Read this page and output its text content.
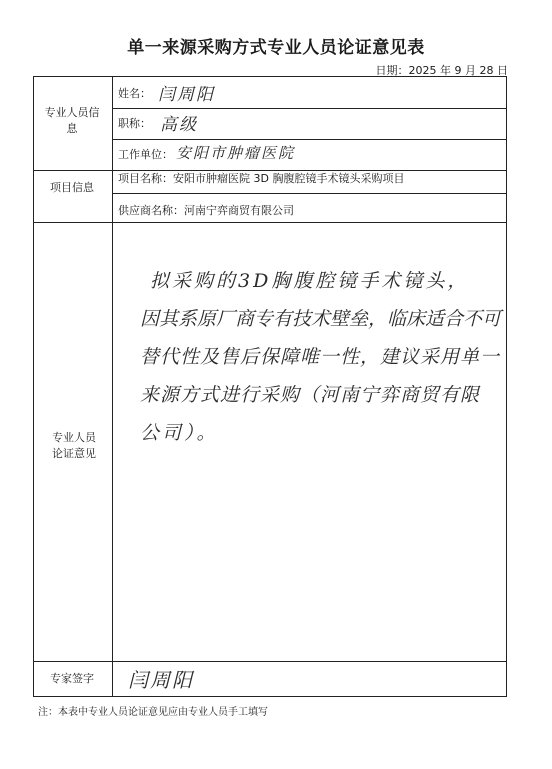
单一来源采购方式专业人员论证意见表
日期：2025 年 9 月 28 日
专业人员信息
姓名： 闫周阳
职称： 高级
工作单位： 安阳市肿瘤医院
项目信息
项目名称：安阳市肿瘤医院 3D 胸腹腔镜手术镜头采购项目
供应商名称：河南宁弈商贸有限公司
专业人员论证意见
拟采购的3D胸腹腔镜手术镜头，
因其系原厂商专有技术壁垒，临床适合不可
替代性及售后保障唯一性，建议采用单一
来源方式进行采购（河南宁弈商贸有限
公司）。
专家签字	闫周阳
注：本表中专业人员论证意见应由专业人员手工填写
